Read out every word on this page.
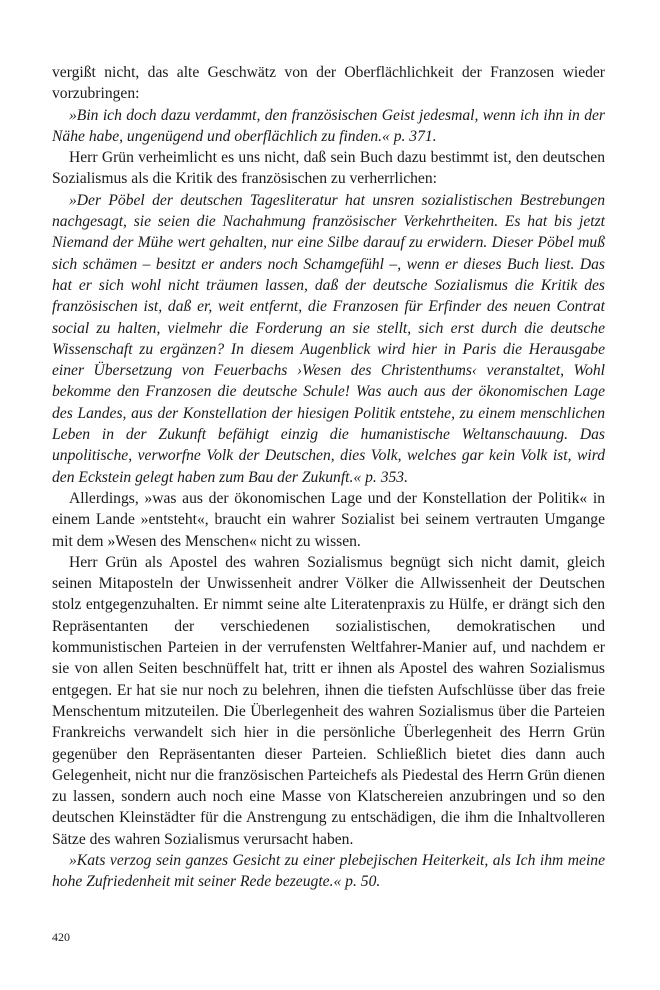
vergißt nicht, das alte Geschwätz von der Oberflächlichkeit der Franzosen wieder vorzubringen:

»Bin ich doch dazu verdammt, den französischen Geist jedesmal, wenn ich ihn in der Nähe habe, ungenügend und oberflächlich zu finden.« p. 371.

Herr Grün verheimlicht es uns nicht, daß sein Buch dazu bestimmt ist, den deutschen Sozialismus als die Kritik des französischen zu verherrlichen:

»Der Pöbel der deutschen Tagesliteratur hat unsren sozialistischen Bestrebungen nachgesagt, sie seien die Nachahmung französischer Verkehrtheiten. Es hat bis jetzt Niemand der Mühe wert gehalten, nur eine Silbe darauf zu erwidern. Dieser Pöbel muß sich schämen – besitzt er anders noch Schamgefühl –, wenn er dieses Buch liest. Das hat er sich wohl nicht träumen lassen, daß der deutsche Sozialismus die Kritik des französischen ist, daß er, weit entfernt, die Franzosen für Erfinder des neuen Contrat social zu halten, vielmehr die Forderung an sie stellt, sich erst durch die deutsche Wissenschaft zu ergänzen? In diesem Augenblick wird hier in Paris die Herausgabe einer Übersetzung von Feuerbachs ›Wesen des Christenthums‹ veranstaltet, Wohl bekomme den Franzosen die deutsche Schule! Was auch aus der ökonomischen Lage des Landes, aus der Konstellation der hiesigen Politik entstehe, zu einem menschlichen Leben in der Zukunft befähigt einzig die humanistische Weltanschauung. Das unpolitische, verworfne Volk der Deutschen, dies Volk, welches gar kein Volk ist, wird den Eckstein gelegt haben zum Bau der Zukunft.« p. 353.

Allerdings, »was aus der ökonomischen Lage und der Konstellation der Politik« in einem Lande »entsteht«, braucht ein wahrer Sozialist bei seinem vertrauten Umgange mit dem »Wesen des Menschen« nicht zu wissen.

Herr Grün als Apostel des wahren Sozialismus begnügt sich nicht damit, gleich seinen Mitaposteln der Unwissenheit andrer Völker die Allwissenheit der Deutschen stolz entgegenzuhalten. Er nimmt seine alte Literatenpraxis zu Hülfe, er drängt sich den Repräsentanten der verschiedenen sozialistischen, demokratischen und kommunistischen Parteien in der verrufensten Weltfahrer-Manier auf, und nachdem er sie von allen Seiten beschnüffelt hat, tritt er ihnen als Apostel des wahren Sozialismus entgegen. Er hat sie nur noch zu belehren, ihnen die tiefsten Aufschlüsse über das freie Menschentum mitzuteilen. Die Überlegenheit des wahren Sozialismus über die Parteien Frankreichs verwandelt sich hier in die persönliche Überlegenheit des Herrn Grün gegenüber den Repräsentanten dieser Parteien. Schließlich bietet dies dann auch Gelegenheit, nicht nur die französischen Parteichefs als Piedestal des Herrn Grün dienen zu lassen, sondern auch noch eine Masse von Klatschereien anzubringen und so den deutschen Kleinstädter für die Anstrengung zu entschädigen, die ihm die Inhaltvolleren Sätze des wahren Sozialismus verursacht haben.

»Kats verzog sein ganzes Gesicht zu einer plebejischen Heiterkeit, als Ich ihm meine hohe Zufriedenheit mit seiner Rede bezeugte.« p. 50.

420
